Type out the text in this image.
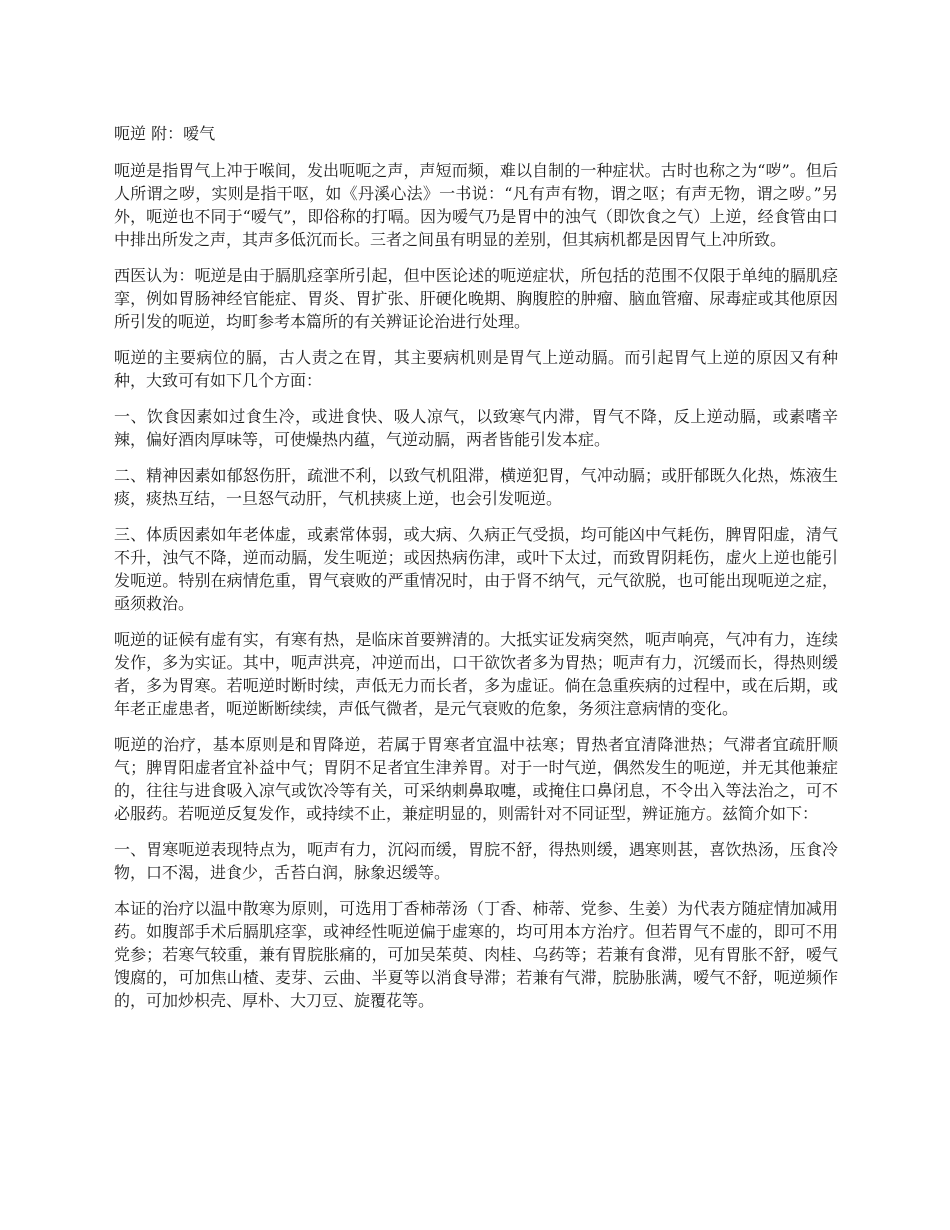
呃逆 附：嗳气

呃逆是指胃气上冲于喉间，发出呃呃之声，声短而频，难以自制的一种症状。古时也称之为“哕”。但后人所谓之哕，实则是指干呕，如《丹溪心法》一书说：“凡有声有物，谓之呕；有声无物，谓之哕。”另外，呃逆也不同于“嗳气”，即俗称的打嗝。因为嗳气乃是胃中的浊气（即饮食之气）上逆，经食管由口中排出所发之声，其声多低沉而长。三者之间虽有明显的差别，但其病机都是因胃气上冲所致。

西医认为：呃逆是由于膈肌痉挛所引起，但中医论述的呃逆症状，所包括的范围不仅限于单纯的膈肌痉挛，例如胃肠神经官能症、胃炎、胃扩张、肝硬化晚期、胸腹腔的肿瘤、脑血管瘤、尿毒症或其他原因所引发的呃逆，均町参考本篇所的有关辨证论治进行处理。

呃逆的主要病位的膈，古人责之在胃，其主要病机则是胃气上逆动膈。而引起胃气上逆的原因又有种种，大致可有如下几个方面：

一、饮食因素如过食生冷，或进食快、吸人凉气，以致寒气内滞，胃气不降，反上逆动膈，或素嗜辛辣，偏好酒肉厚味等，可使燥热内蕴，气逆动膈，两者皆能引发本症。

二、精神因素如郁怒伤肝，疏泄不利，以致气机阻滞，横逆犯胃，气冲动膈；或肝郁既久化热，炼液生痰，痰热互结，一旦怒气动肝，气机挟痰上逆，也会引发呃逆。

三、体质因素如年老体虚，或素常体弱，或大病、久病正气受损，均可能凶中气耗伤，脾胃阳虚，清气不升，浊气不降，逆而动膈，发生呃逆；或因热病伤津，或叶下太过，而致胃阴耗伤，虚火上逆也能引发呃逆。特别在病情危重，胃气衰败的严重情况时，由于肾不纳气，元气欲脱，也可能出现呃逆之症，亟须救治。

呃逆的证候有虚有实，有寒有热，是临床首要辨清的。大抵实证发病突然，呃声响亮，气冲有力，连续发作，多为实证。其中，呃声洪亮，冲逆而出，口干欲饮者多为胃热；呃声有力，沉缓而长，得热则缓者，多为胃寒。若呃逆时断时续，声低无力而长者，多为虚证。倘在急重疾病的过程中，或在后期，或年老正虚患者，呃逆断断续续，声低气微者，是元气衰败的危象，务须注意病情的变化。

呃逆的治疗，基本原则是和胃降逆，若属于胃寒者宜温中祛寒；胃热者宜清降泄热；气滞者宜疏肝顺气；脾胃阳虚者宜补益中气；胃阴不足者宜生津养胃。对于一时气逆，偶然发生的呃逆，并无其他兼症的，往往与进食吸入凉气或饮冷等有关，可采纳刺鼻取嚏，或掩住口鼻闭息，不令出入等法治之，可不必服药。若呃逆反复发作，或持续不止，兼症明显的，则需针对不同证型，辨证施方。兹简介如下：

一、胃寒呃逆表现特点为，呃声有力，沉闷而缓，胃脘不舒，得热则缓，遇寒则甚，喜饮热汤，压食冷物，口不渴，进食少，舌苔白润，脉象迟缓等。

本证的治疗以温中散寒为原则，可选用丁香柿蒂汤（丁香、柿蒂、党参、生姜）为代表方随症情加减用药。如腹部手术后膈肌痉挛，或神经性呃逆偏于虚寒的，均可用本方治疗。但若胃气不虚的，即可不用党参；若寒气较重，兼有胃脘胀痛的，可加吴茱萸、肉桂、乌药等；若兼有食滞，见有胃胀不舒，嗳气馊腐的，可加焦山楂、麦芽、云曲、半夏等以消食导滞；若兼有气滞，脘胁胀满，嗳气不舒，呃逆频作的，可加炒枳壳、厚朴、大刀豆、旋覆花等。
